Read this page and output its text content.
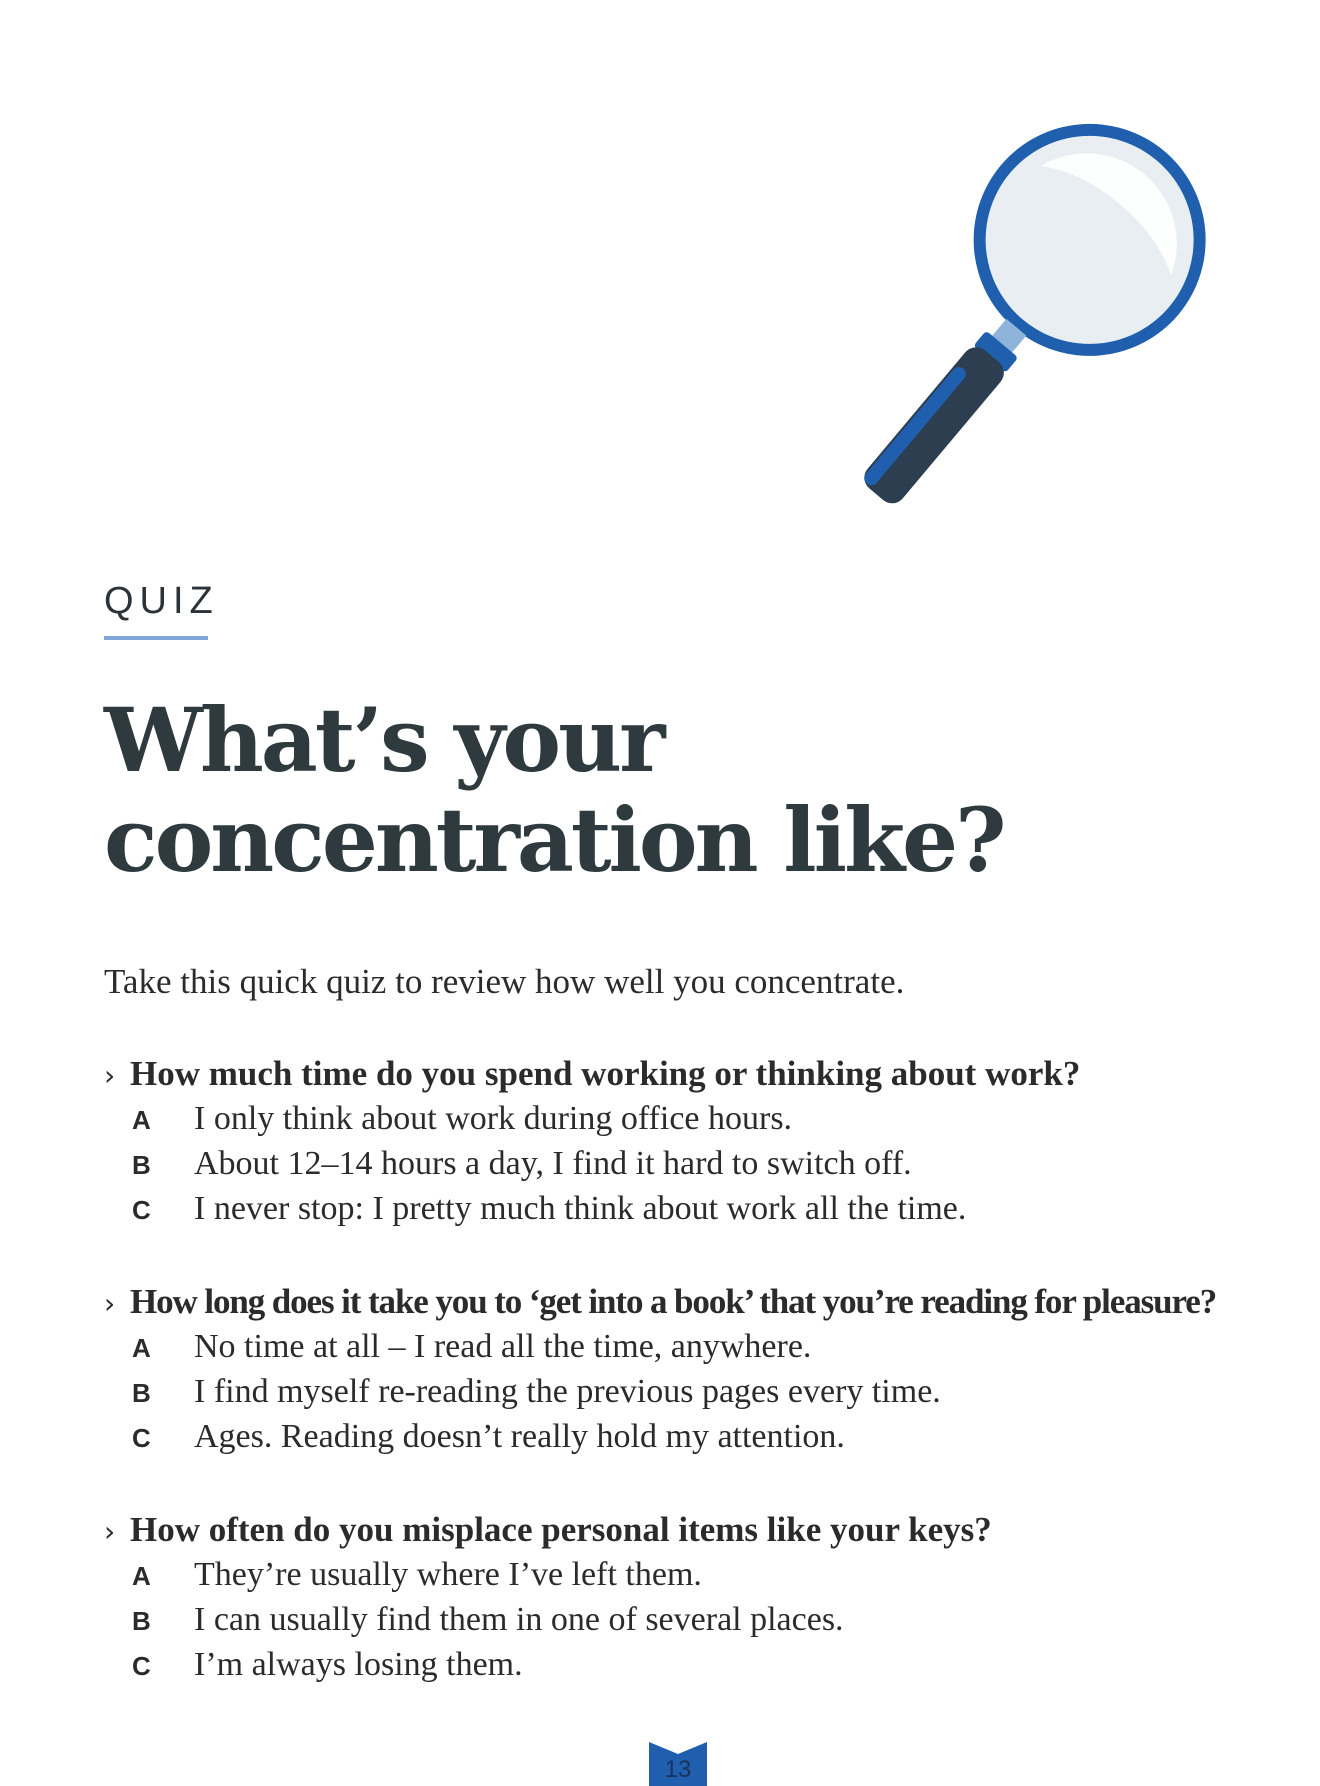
QUIZ
What’s your
concentration like?
Take this quick quiz to review how well you concentrate.
› How much time do you spend working or thinking about work?
A	I only think about work during office hours.
B	About 12–14 hours a day, I find it hard to switch off.
C	I never stop: I pretty much think about work all the time.
› How long does it take you to ‘get into a book’ that you’re reading for pleasure?
A	No time at all – I read all the time, anywhere.
B	I find myself re-reading the previous pages every time.
C	Ages. Reading doesn’t really hold my attention.
› How often do you misplace personal items like your keys?
A	They’re usually where I’ve left them.
B	I can usually find them in one of several places.
C	I’m always losing them.
13
